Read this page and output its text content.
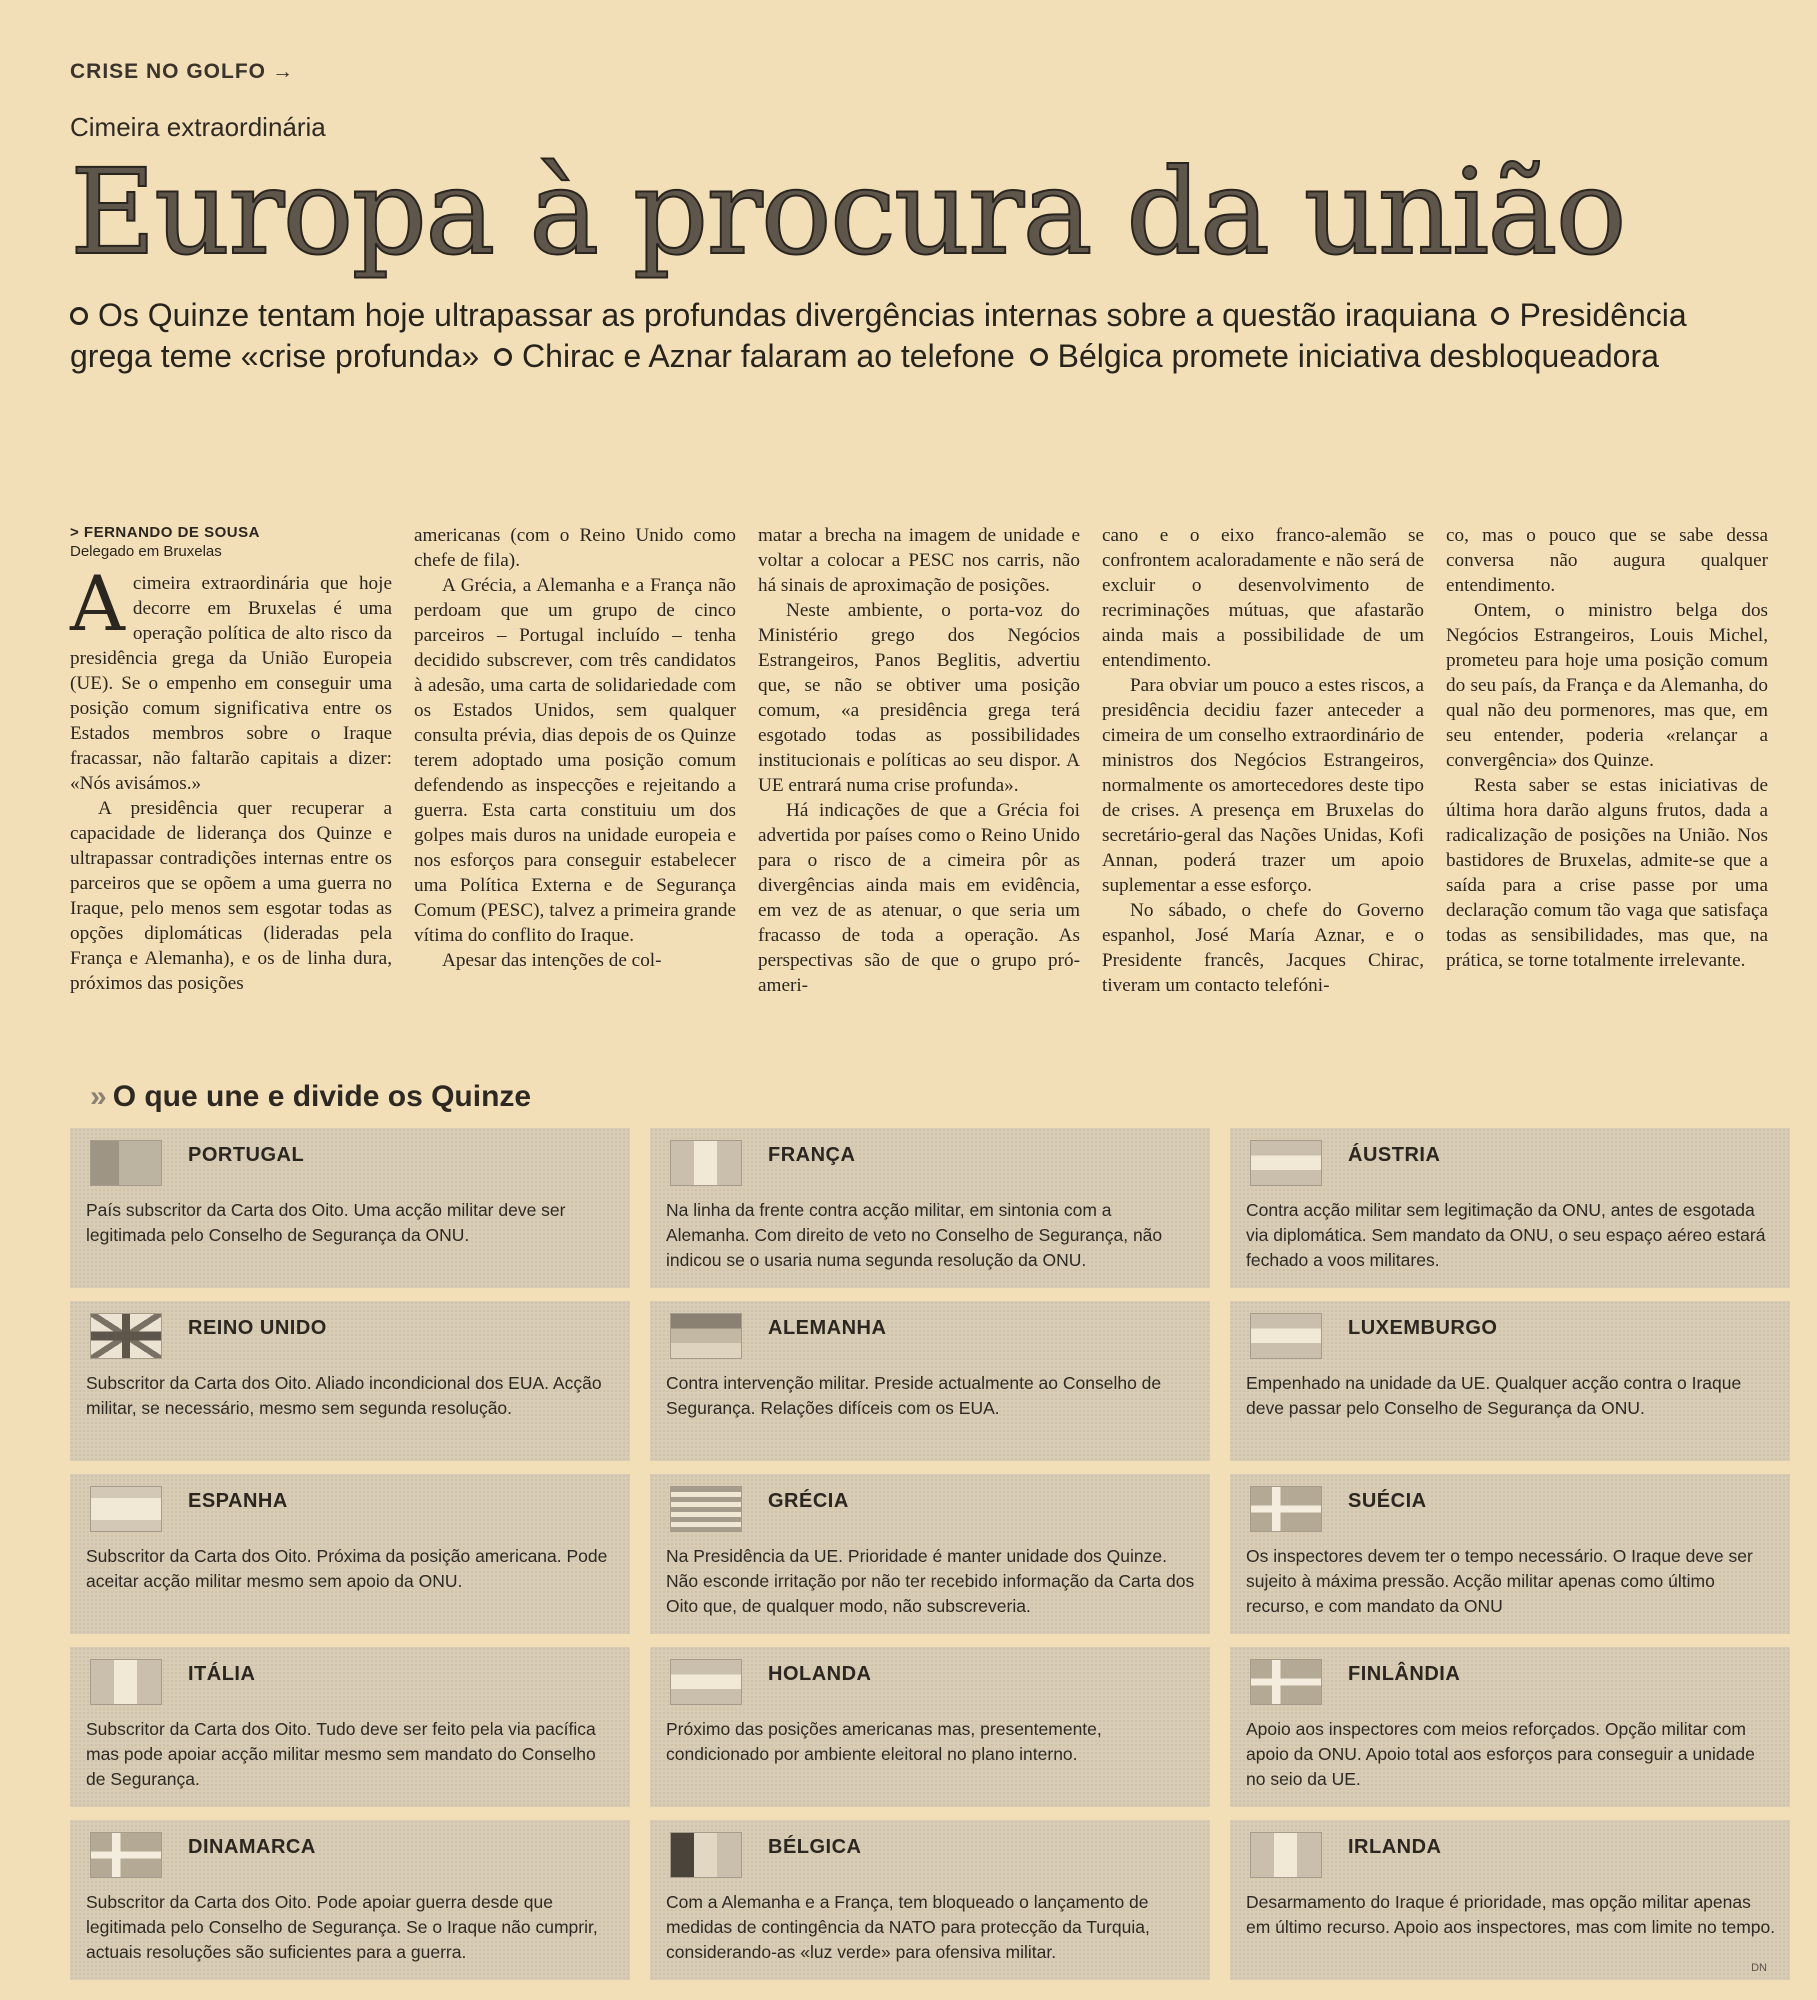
CRISE NO GOLFO →
Cimeira extraordinária
Europa à procura da união
Os Quinze tentam hoje ultrapassar as profundas divergências internas sobre a questão iraquiana Presidência grega teme «crise profunda» Chirac e Aznar falaram ao telefone Bélgica promete iniciativa desbloqueadora
> FERNANDO DE SOUSA
Delegado em Bruxelas

Acimeira extraordinária que hoje decorre em Bruxelas é uma operação política de alto risco da presidência grega da União Europeia (UE). Se o empenho em conseguir uma posição comum significativa entre os Estados membros sobre o Iraque fracassar, não faltarão capitais a dizer: «Nós avisámos.»

A presidência quer recuperar a capacidade de liderança dos Quinze e ultrapassar contradições internas entre os parceiros que se opõem a uma guerra no Iraque, pelo menos sem esgotar todas as opções diplomáticas (lideradas pela França e Alemanha), e os de linha dura, próximos das posições

americanas (com o Reino Unido como chefe de fila).

A Grécia, a Alemanha e a França não perdoam que um grupo de cinco parceiros – Portugal incluído – tenha decidido subscrever, com três candidatos à adesão, uma carta de solidariedade com os Estados Unidos, sem qualquer consulta prévia, dias depois de os Quinze terem adoptado uma posição comum defendendo as inspecções e rejeitando a guerra. Esta carta constituiu um dos golpes mais duros na unidade europeia e nos esforços para conseguir estabelecer uma Política Externa e de Segurança Comum (PESC), talvez a primeira grande vítima do conflito do Iraque.

Apesar das intenções de col-

matar a brecha na imagem de unidade e voltar a colocar a PESC nos carris, não há sinais de aproximação de posições.

Neste ambiente, o porta-voz do Ministério grego dos Negócios Estrangeiros, Panos Beglitis, advertiu que, se não se obtiver uma posição comum, «a presidência grega terá esgotado todas as possibilidades institucionais e políticas ao seu dispor. A UE entrará numa crise profunda».

Há indicações de que a Grécia foi advertida por países como o Reino Unido para o risco de a cimeira pôr as divergências ainda mais em evidência, em vez de as atenuar, o que seria um fracasso de toda a operação. As perspectivas são de que o grupo pró-ameri-

cano e o eixo franco-alemão se confrontem acaloradamente e não será de excluir o desenvolvimento de recriminações mútuas, que afastarão ainda mais a possibilidade de um entendimento.

Para obviar um pouco a estes riscos, a presidência decidiu fazer anteceder a cimeira de um conselho extraordinário de ministros dos Negócios Estrangeiros, normalmente os amortecedores deste tipo de crises. A presença em Bruxelas do secretário-geral das Nações Unidas, Kofi Annan, poderá trazer um apoio suplementar a esse esforço.

No sábado, o chefe do Governo espanhol, José María Aznar, e o Presidente francês, Jacques Chirac, tiveram um contacto telefóni-

co, mas o pouco que se sabe dessa conversa não augura qualquer entendimento.

Ontem, o ministro belga dos Negócios Estrangeiros, Louis Michel, prometeu para hoje uma posição comum do seu país, da França e da Alemanha, do qual não deu pormenores, mas que, em seu entender, poderia «relançar a convergência» dos Quinze.

Resta saber se estas iniciativas de última hora darão alguns frutos, dada a radicalização de posições na União. Nos bastidores de Bruxelas, admite-se que a saída para a crise passe por uma declaração comum tão vaga que satisfaça todas as sensibilidades, mas que, na prática, se torne totalmente irrelevante.

» O que une e divide os Quinze
PORTUGAL
País subscritor da Carta dos Oito. Uma acção militar deve ser legitimada pelo Conselho de Segurança da ONU.
FRANÇA
Na linha da frente contra acção militar, em sintonia com a Alemanha. Com direito de veto no Conselho de Segurança, não indicou se o usaria numa segunda resolução da ONU.
ÁUSTRIA
Contra acção militar sem legitimação da ONU, antes de esgotada via diplomática. Sem mandato da ONU, o seu espaço aéreo estará fechado a voos militares.
REINO UNIDO
Subscritor da Carta dos Oito. Aliado incondicional dos EUA. Acção militar, se necessário, mesmo sem segunda resolução.
ALEMANHA
Contra intervenção militar. Preside actualmente ao Conselho de Segurança. Relações difíceis com os EUA.
LUXEMBURGO
Empenhado na unidade da UE. Qualquer acção contra o Iraque deve passar pelo Conselho de Segurança da ONU.
ESPANHA
Subscritor da Carta dos Oito. Próxima da posição americana. Pode aceitar acção militar mesmo sem apoio da ONU.
GRÉCIA
Na Presidência da UE. Prioridade é manter unidade dos Quinze. Não esconde irritação por não ter recebido informação da Carta dos Oito que, de qualquer modo, não subscreveria.
SUÉCIA
Os inspectores devem ter o tempo necessário. O Iraque deve ser sujeito à máxima pressão. Acção militar apenas como último recurso, e com mandato da ONU
ITÁLIA
Subscritor da Carta dos Oito. Tudo deve ser feito pela via pacífica mas pode apoiar acção militar mesmo sem mandato do Conselho de Segurança.
HOLANDA
Próximo das posições americanas mas, presentemente, condicionado por ambiente eleitoral no plano interno.
FINLÂNDIA
Apoio aos inspectores com meios reforçados. Opção militar com apoio da ONU. Apoio total aos esforços para conseguir a unidade no seio da UE.
DINAMARCA
Subscritor da Carta dos Oito. Pode apoiar guerra desde que legitimada pelo Conselho de Segurança. Se o Iraque não cumprir, actuais resoluções são suficientes para a guerra.
BÉLGICA
Com a Alemanha e a França, tem bloqueado o lançamento de medidas de contingência da NATO para protecção da Turquia, considerando-as «luz verde» para ofensiva militar.
IRLANDA
Desarmamento do Iraque é prioridade, mas opção militar apenas em último recurso. Apoio aos inspectores, mas com limite no tempo.
DN
